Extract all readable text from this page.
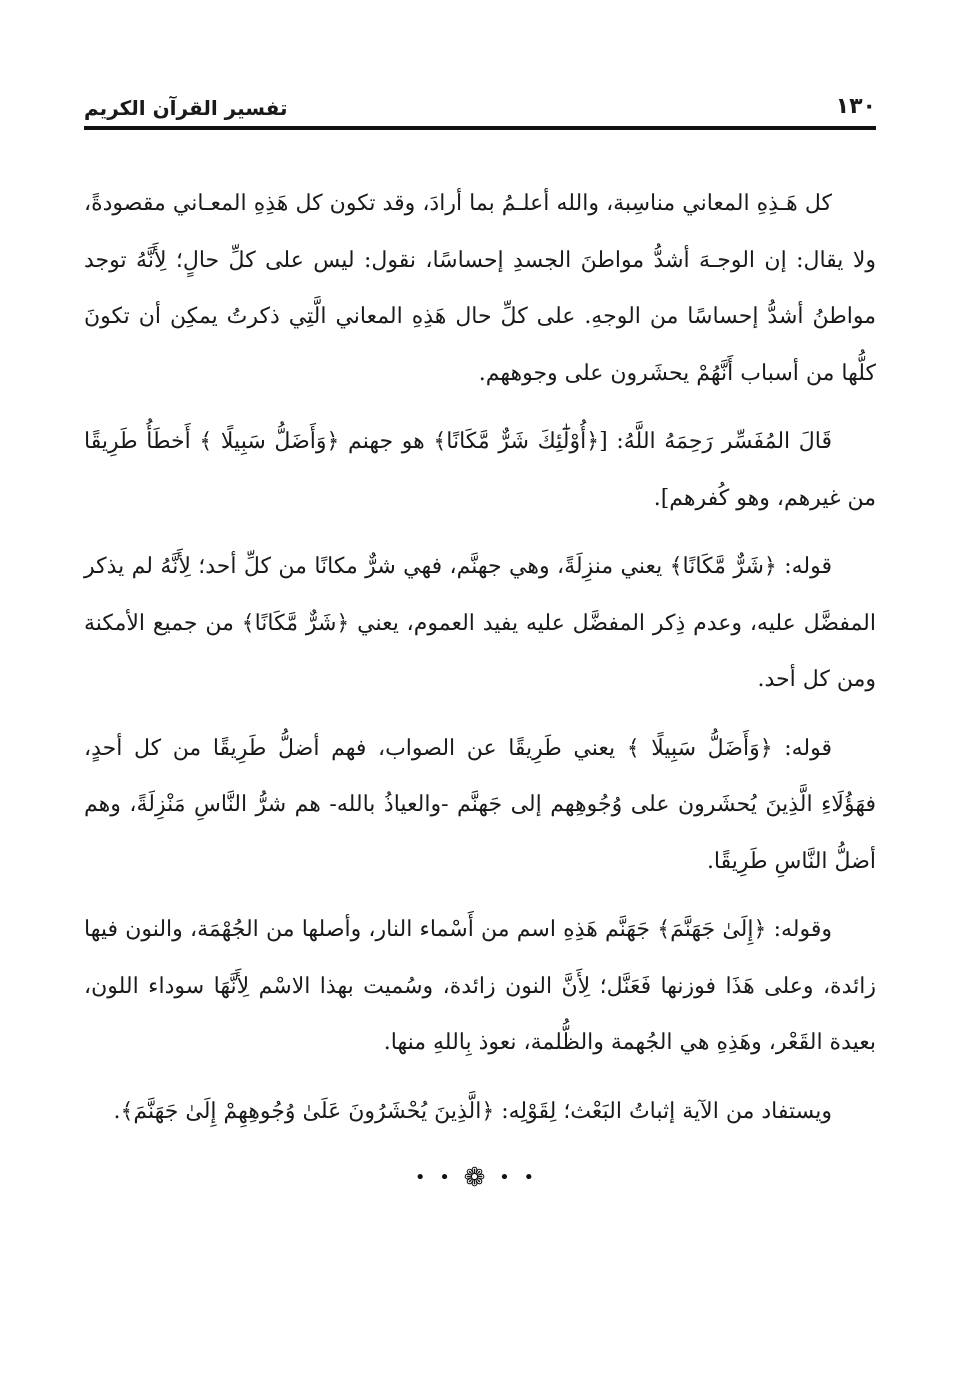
١٣٠
تفسير القرآن الكريم

كل هَـذِهِ المعاني مناسِبة، والله أعلـمُ بما أرادَ، وقد تكون كل هَذِهِ المعـاني مقصودةً، ولا يقال: إن الوجـهَ أشدُّ مواطنَ الجسدِ إحساسًا، نقول: ليس على كلِّ حالٍ؛ لِأَنَّهُ توجد مواطنُ أشدُّ إحساسًا من الوجهِ. على كلِّ حال هَذِهِ المعاني الَّتِي ذكرتُ يمكِن أن تكونَ كلُّها من أسباب أَنَّهُمْ يحشَرون على وجوههم.

قَالَ المُفَسِّر رَحِمَهُ اللَّهُ: [﴿أُوْلَٰٓئِكَ شَرٌّ مَّكَانًا﴾ هو جهنم ﴿وَأَضَلُّ سَبِيلًا ﴾ أَخطَأُ طَرِيقًا من غيرهم، وهو كُفرهم].

قوله: ﴿شَرٌّ مَّكَانًا﴾ يعني منزِلَةً، وهي جهنَّم، فهي شرٌّ مكانًا من كلِّ أحد؛ لِأَنَّهُ لم يذكر المفضَّل عليه، وعدم ذِكر المفضَّل عليه يفيد العموم، يعني ﴿شَرٌّ مَّكَانًا﴾ من جميع الأمكنة ومن كل أحد.

قوله: ﴿وَأَضَلُّ سَبِيلًا ﴾ يعني طَرِيقًا عن الصواب، فهم أضلُّ طَرِيقًا من كل أحدٍ، فهَؤُلَاءِ الَّذِينَ يُحشَرون على وُجُوهِهم إلى جَهنَّم -والعياذُ بالله- هم شرُّ النَّاسِ مَنْزِلَةً، وهم أضلُّ النَّاسِ طَرِيقًا.

وقوله: ﴿إِلَىٰ جَهَنَّمَ﴾ جَهَنَّم هَذِهِ اسم من أَسْماء النار، وأصلها من الجُهْمَة، والنون فيها زائدة، وعلى هَذَا فوزنها فَعَنَّل؛ لِأَنَّ النون زائدة، وسُميت بهذا الاسْم لِأَنَّهَا سوداء اللون، بعيدة القَعْر، وهَذِهِ هي الجُهمة والظُّلمة، نعوذ بِاللهِ منها.

ويستفاد من الآية إثباتُ البَعْث؛ لِقَوْلِه: ﴿الَّذِينَ يُحْشَرُونَ عَلَىٰ وُجُوهِهِمْ إِلَىٰ جَهَنَّمَ﴾.

• • ❁ • •
